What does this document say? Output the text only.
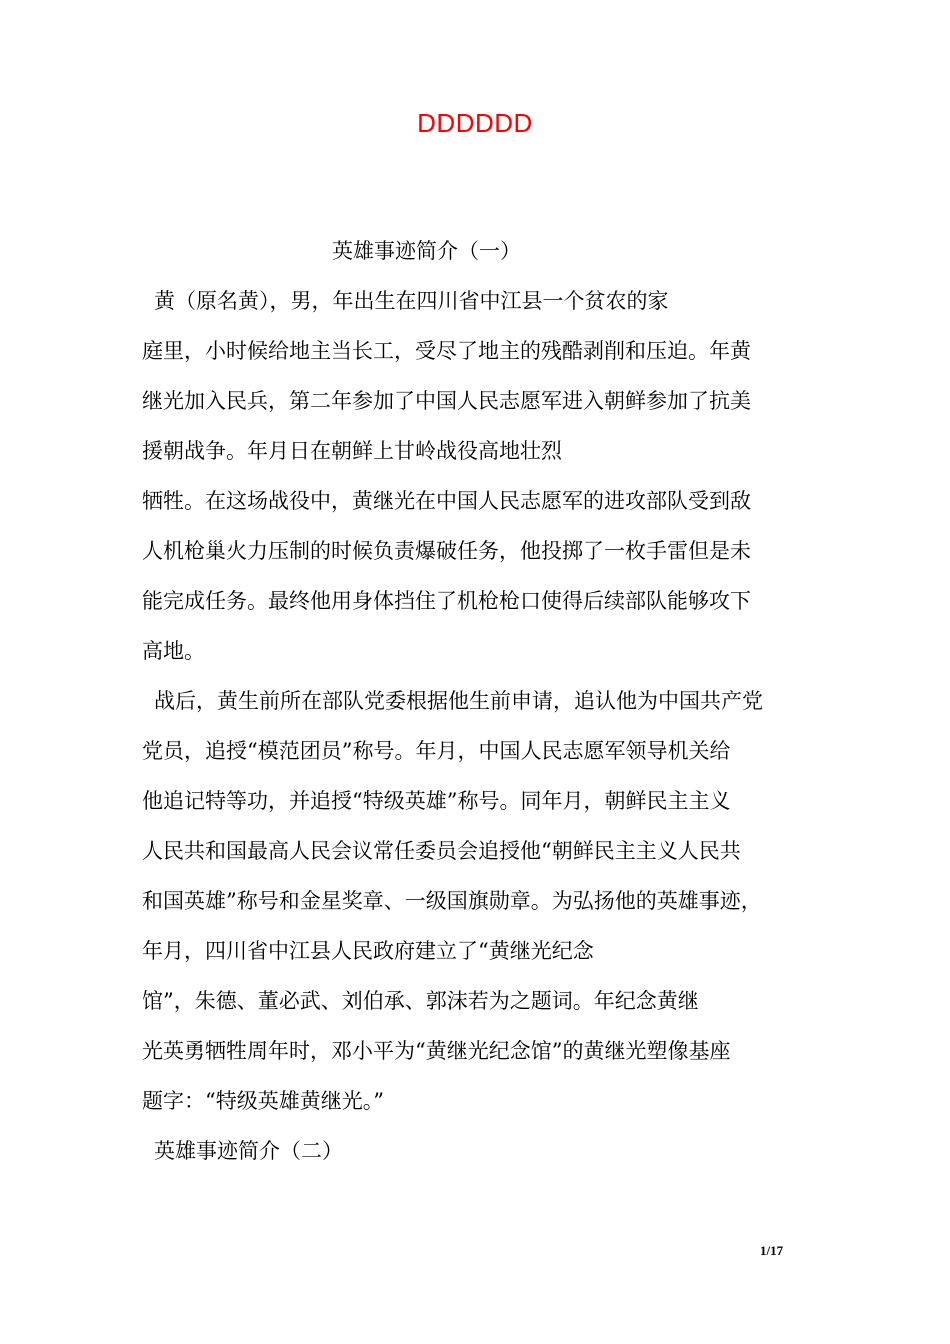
DDDDDD
英雄事迹简介（一）
黄（原名黄），男，年出生在四川省中江县一个贫农的家
庭里，小时候给地主当长工，受尽了地主的残酷剥削和压迫。年黄
继光加入民兵，第二年参加了中国人民志愿军进入朝鲜参加了抗美
援朝战争。年月日在朝鲜上甘岭战役高地壮烈
牺牲。在这场战役中，黄继光在中国人民志愿军的进攻部队受到敌
人机枪巢火力压制的时候负责爆破任务，他投掷了一枚手雷但是未
能完成任务。最终他用身体挡住了机枪枪口使得后续部队能够攻下
高地。
战后，黄生前所在部队党委根据他生前申请，追认他为中国共产党
党员，追授“模范团员”称号。年月，中国人民志愿军领导机关给
他追记特等功，并追授“特级英雄”称号。同年月，朝鲜民主主义
人民共和国最高人民会议常任委员会追授他“朝鲜民主主义人民共
和国英雄”称号和金星奖章、一级国旗勋章。为弘扬他的英雄事迹，
年月，四川省中江县人民政府建立了“黄继光纪念
馆”，朱德、董必武、刘伯承、郭沫若为之题词。年纪念黄继
光英勇牺牲周年时，邓小平为“黄继光纪念馆”的黄继光塑像基座
题字：“特级英雄黄继光。”
英雄事迹简介（二）
1/17
